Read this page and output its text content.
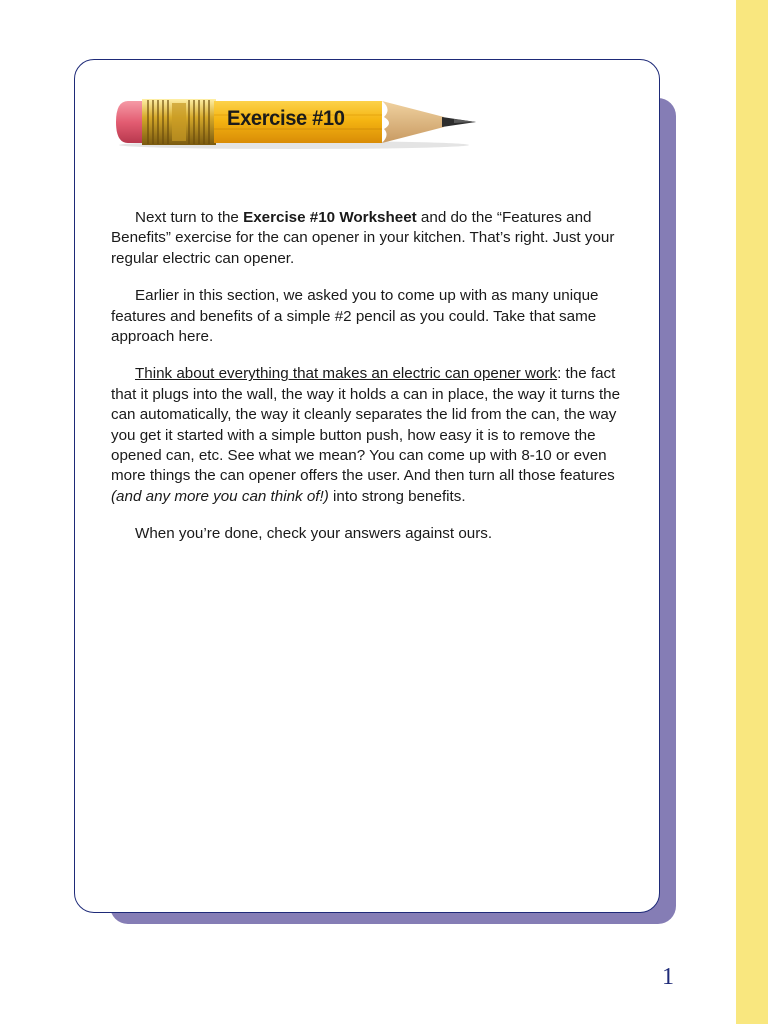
Exercise #10

Next turn to the Exercise #10 Worksheet and do the “Features and Benefits” exercise for the can opener in your kitchen. That’s right. Just your regular electric can opener.

Earlier in this section, we asked you to come up with as many unique features and benefits of a simple #2 pencil as you could. Take that same approach here.

Think about everything that makes an electric can opener work: the fact that it plugs into the wall, the way it holds a can in place, the way it turns the can automatically, the way it cleanly separates the lid from the can, the way you get it started with a simple button push, how easy it is to remove the opened can, etc. See what we mean? You can come up with 8-10 or even more things the can opener offers the user. And then turn all those features (and any more you can think of!) into strong benefits.

When you’re done, check your answers against ours.

1
